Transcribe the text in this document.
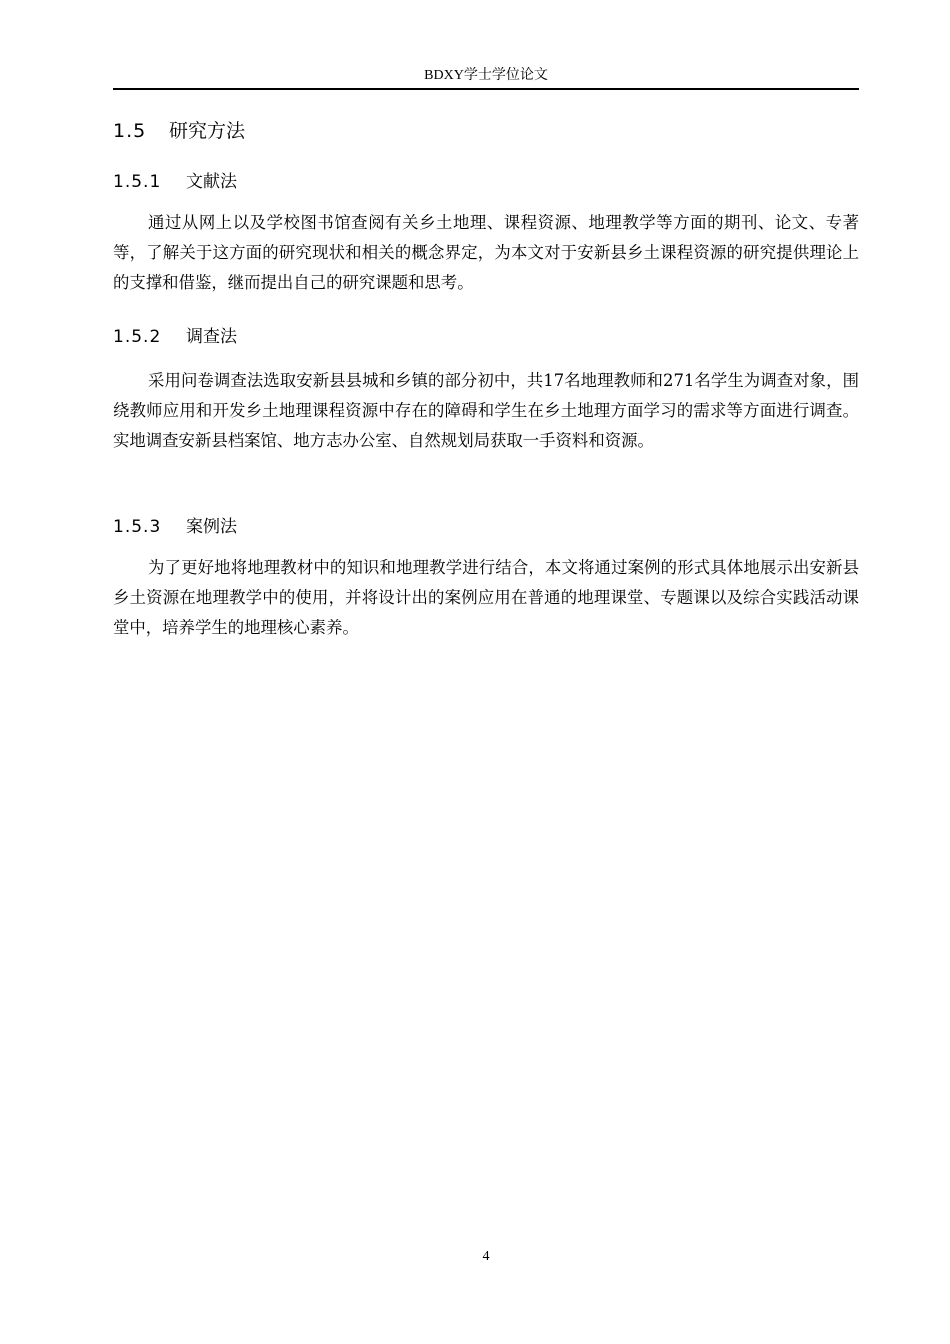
BDXY学士学位论文
1.5 研究方法
1.5.1 文献法

通过从网上以及学校图书馆查阅有关乡土地理、课程资源、地理教学等方面的期刊、论文、专著等，了解关于这方面的研究现状和相关的概念界定，为本文对于安新县乡土课程资源的研究提供理论上的支撑和借鉴，继而提出自己的研究课题和思考。

1.5.2 调查法

采用问卷调查法选取安新县县城和乡镇的部分初中，共17名地理教师和271名学生为调查对象，围绕教师应用和开发乡土地理课程资源中存在的障碍和学生在乡土地理方面学习的需求等方面进行调查。实地调查安新县档案馆、地方志办公室、自然规划局获取一手资料和资源。

1.5.3 案例法

为了更好地将地理教材中的知识和地理教学进行结合，本文将通过案例的形式具体地展示出安新县乡土资源在地理教学中的使用，并将设计出的案例应用在普通的地理课堂、专题课以及综合实践活动课堂中，培养学生的地理核心素养。

4
